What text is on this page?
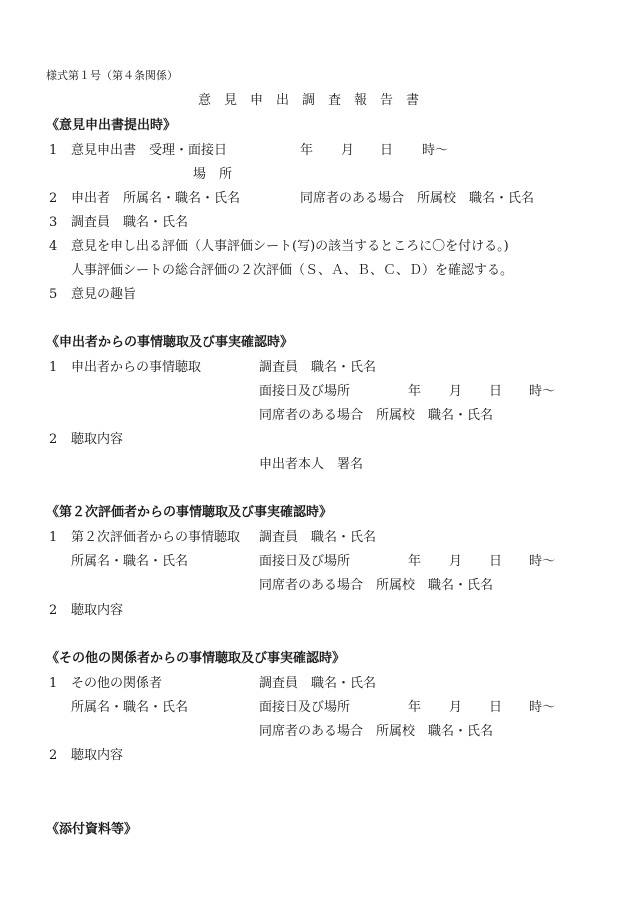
様式第１号（第４条関係）
意　見　申　出　調　査　報　告　書
《意見申出書提出時》
1 意見申出書　受理・面接日	年 月 日 時〜
場　所
2 申出者　所属名・職名・氏名	同席者のある場合　所属校　職名・氏名
3 調査員　職名・氏名
4 意見を申し出る評価（人事評価シート(写)の該当するところに〇を付ける。)
人事評価シートの総合評価の２次評価（Ｓ、Ａ、Ｂ、Ｃ、Ｄ）を確認する。
5 意見の趣旨
《申出者からの事情聴取及び事実確認時》
1 申出者からの事情聴取	調査員　職名・氏名
面接日及び場所	年 月 日 時〜
同席者のある場合　所属校　職名・氏名
2 聴取内容
申出者本人　署名
《第２次評価者からの事情聴取及び事実確認時》
1 第２次評価者からの事情聴取 調査員　職名・氏名
所属名・職名・氏名	面接日及び場所	年 月 日 時〜
同席者のある場合　所属校　職名・氏名
2 聴取内容
《その他の関係者からの事情聴取及び事実確認時》
1 その他の関係者	調査員　職名・氏名
所属名・職名・氏名	面接日及び場所	年 月 日 時〜
同席者のある場合　所属校　職名・氏名
2 聴取内容
《添付資料等》
